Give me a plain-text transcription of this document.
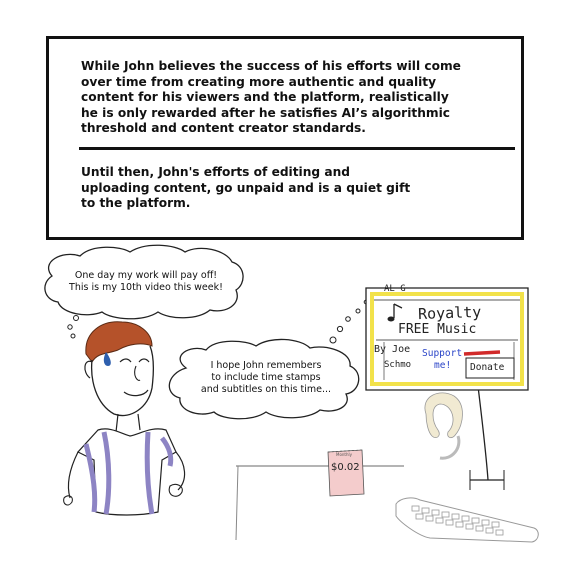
While John believes the success of his efforts will come
over time from creating more authentic and quality
content for his viewers and the platform, realistically
he is only rewarded after he satisfies AI’s algorithmic
threshold and content creator standards.

Until then, John's efforts of editing and
uploading content, go unpaid and is a quiet gift
to the platform.

One day my work will pay off!
This is my 10th video this week!
I hope John remembers
to include time stamps
and subtitles on this time...
AL G
Royalty
FREE Music
By Joe
Schmo
Support
me! Donate
Monthly
$0.02
